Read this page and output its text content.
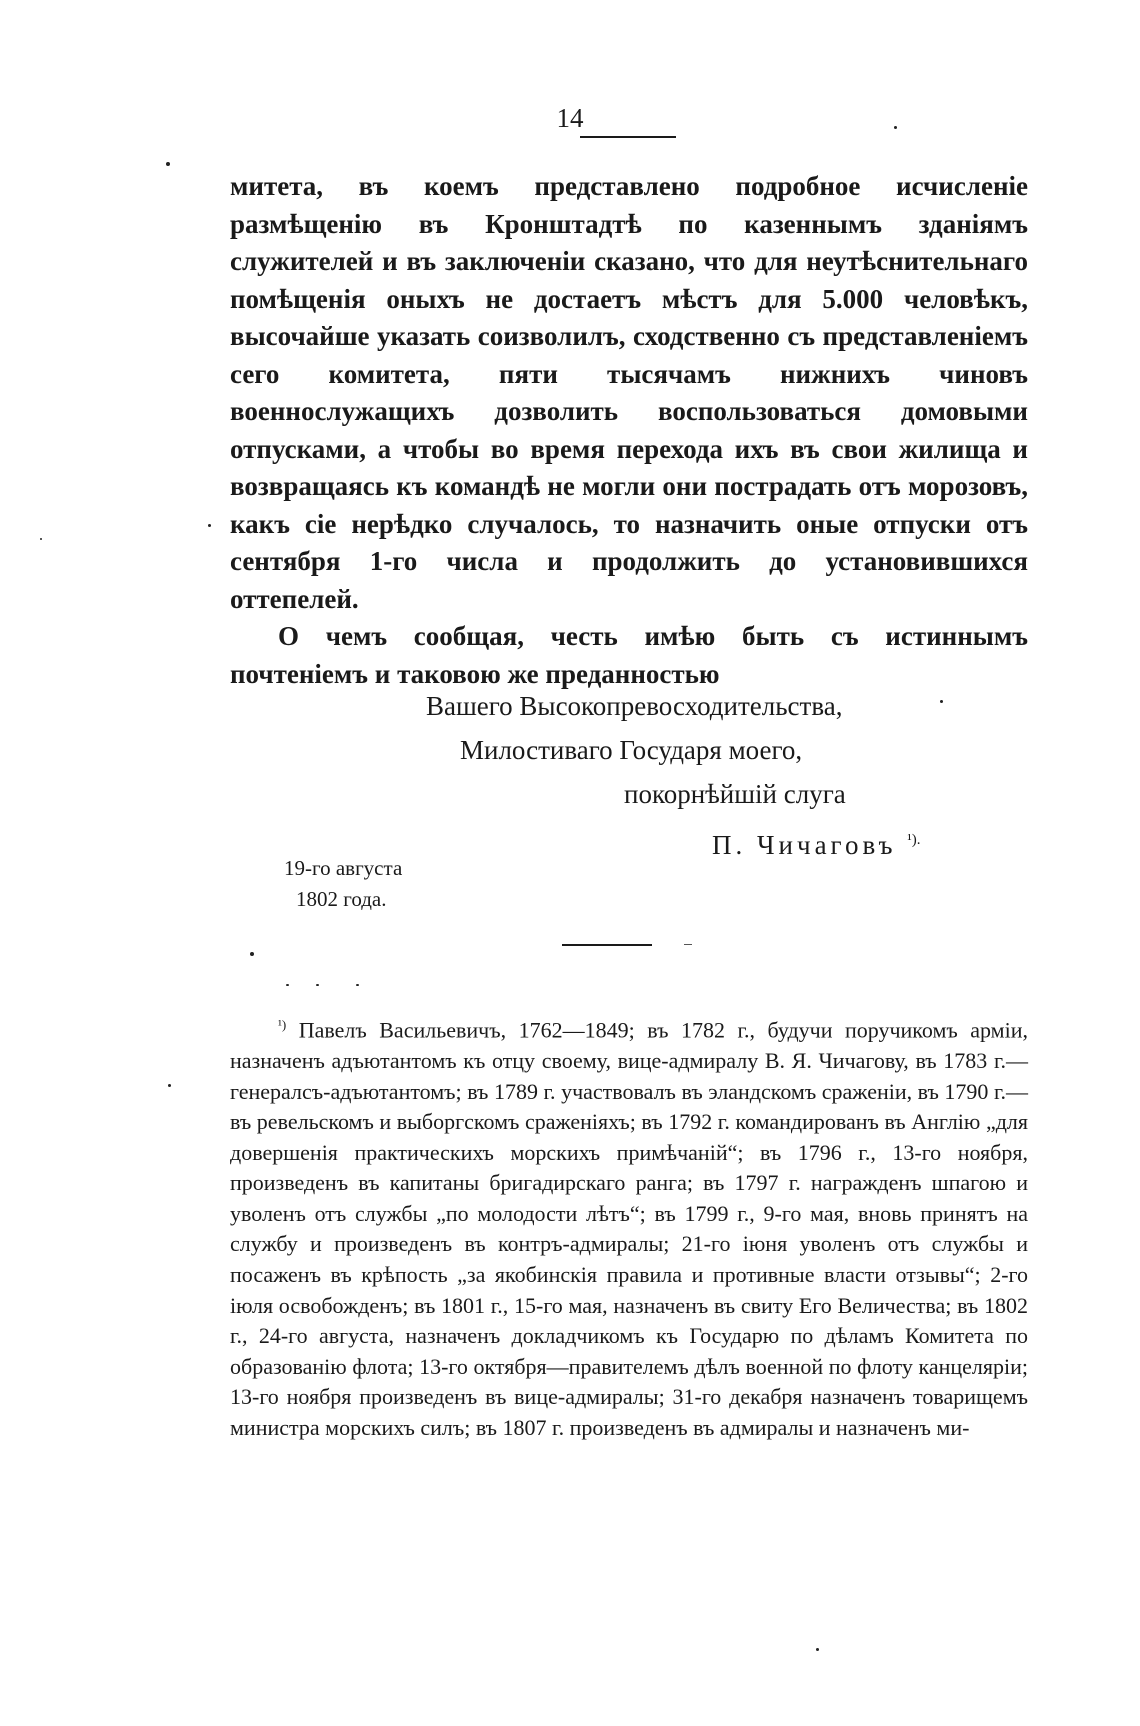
14

митета, въ коемъ представлено подробное исчисленіе размѣщенію въ Кронштадтѣ по казеннымъ зданіямъ служителей и въ заключеніи сказано, что для неутѣснительнаго помѣщенія оныхъ не достаетъ мѣстъ для 5.000 человѣкъ, высочайше указать соизволилъ, сходственно съ представленіемъ сего комитета, пяти тысячамъ нижнихъ чиновъ военнослужащихъ дозволить воспользоваться домовыми отпусками, а чтобы во время перехода ихъ въ свои жилища и возвращаясь къ командѣ не могли они пострадать отъ морозовъ, какъ сіе нерѣдко случалось, то назначить оные отпуски отъ сентября 1-го числа и продолжить до установившихся оттепелей.

О чемъ сообщая, честь имѣю быть съ истиннымъ почтеніемъ и таковою же преданностью

Вашего Высокопревосходительства,
Милостиваго Государя моего,
покорнѣйшій слуга
П. Чичаговъ $^{^1).}$
19-го августа
1802 года.

$^{^1)}$ Павелъ Васильевичъ, 1762—1849; въ 1782 г., будучи поручикомъ арміи, назначенъ адъютантомъ къ отцу своему, вице-адмиралу В. Я. Чичагову, въ 1783 г.—генералсъ-адъютантомъ; въ 1789 г. участвовалъ въ эландскомъ сраженіи, въ 1790 г.—въ ревельскомъ и выборгскомъ сраженіяхъ; въ 1792 г. командированъ въ Англію „для довершенія практическихъ морскихъ примѣчаній“; въ 1796 г., 13-го ноября, произведенъ въ капитаны бригадирскаго ранга; въ 1797 г. награжденъ шпагою и уволенъ отъ службы „по молодости лѣтъ“; въ 1799 г., 9-го мая, вновь принятъ на службу и произведенъ въ контръ-адмиралы; 21-го іюня уволенъ отъ службы и посаженъ въ крѣпость „за якобинскія правила и противные власти отзывы“; 2-го іюля освобожденъ; въ 1801 г., 15-го мая, назначенъ въ свиту Его Величества; въ 1802 г., 24-го августа, назначенъ докладчикомъ къ Государю по дѣламъ Комитета по образованію флота; 13-го октября—правителемъ дѣлъ военной по флоту канцеляріи; 13-го ноября произведенъ въ вице-адмиралы; 31-го декабря назначенъ товарищемъ министра морскихъ силъ; въ 1807 г. произведенъ въ адмиралы и назначенъ ми-
